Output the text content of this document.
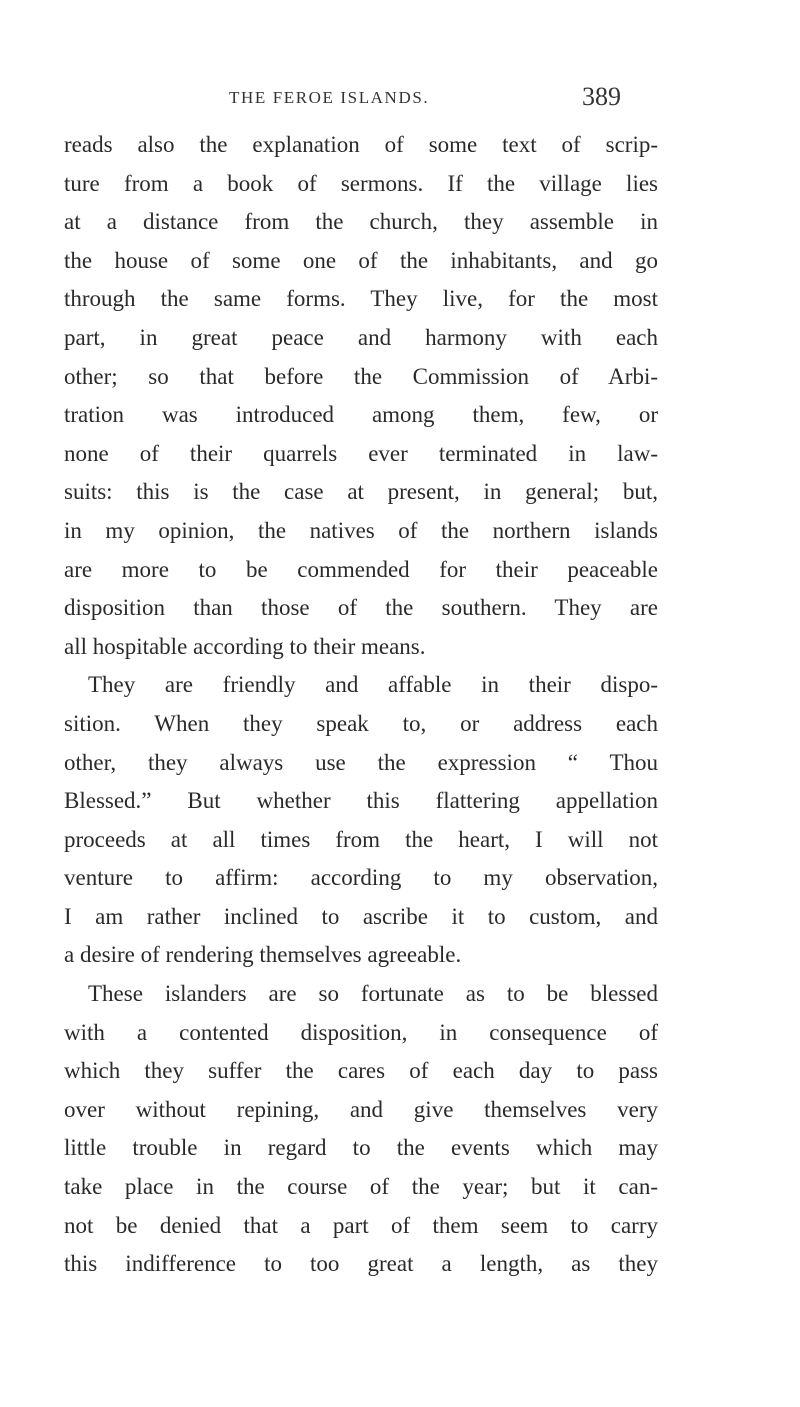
THE FEROE ISLANDS.	389
reads also the explanation of some text of scrip-
ture from a book of sermons. If the village lies
at a distance from the church, they assemble in
the house of some one of the inhabitants, and go
through the same forms. They live, for the most
part, in great peace and harmony with each
other; so that before the Commission of Arbi-
tration was introduced among them, few, or
none of their quarrels ever terminated in law-
suits: this is the case at present, in general; but,
in my opinion, the natives of the northern islands
are more to be commended for their peaceable
disposition than those of the southern. They are
all hospitable according to their means.
They are friendly and affable in their dispo-
sition. When they speak to, or address each
other, they always use the expression “ Thou
Blessed.” But whether this flattering appellation
proceeds at all times from the heart, I will not
venture to affirm: according to my observation,
I am rather inclined to ascribe it to custom, and
a desire of rendering themselves agreeable.
These islanders are so fortunate as to be blessed
with a contented disposition, in consequence of
which they suffer the cares of each day to pass
over without repining, and give themselves very
little trouble in regard to the events which may
take place in the course of the year; but it can-
not be denied that a part of them seem to carry
this indifference to too great a length, as they
